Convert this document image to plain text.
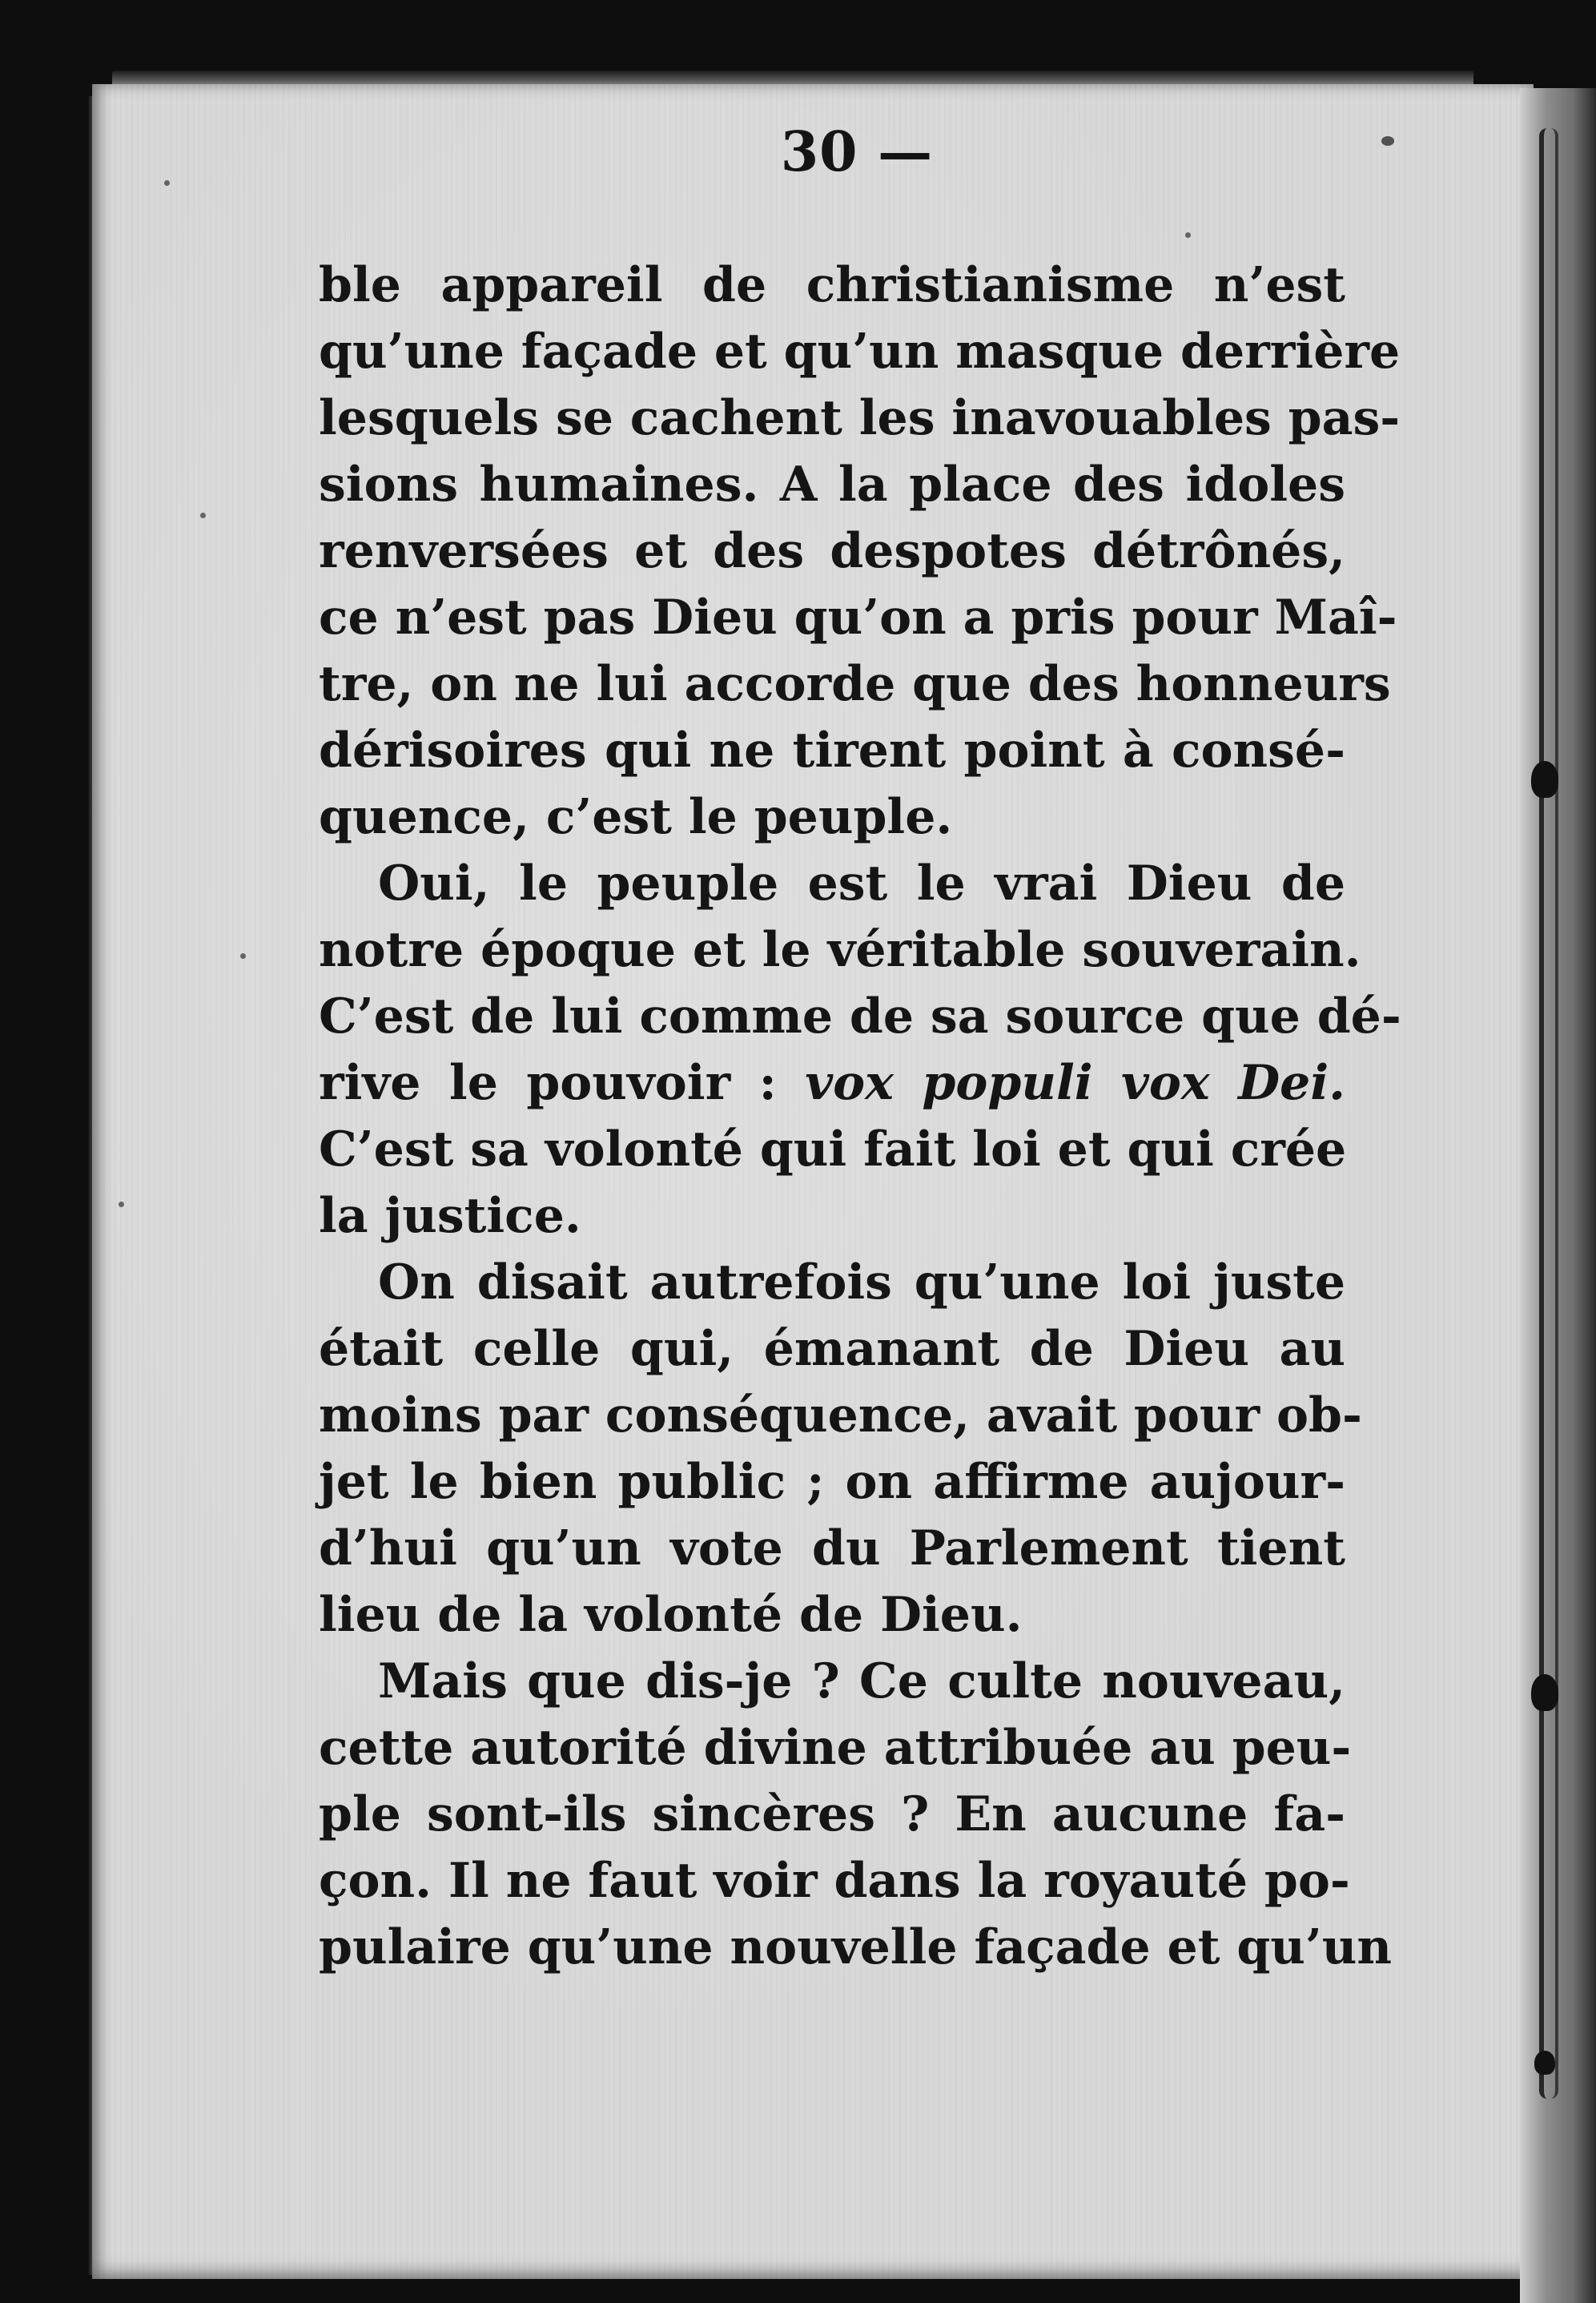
30 —
ble appareil de christianisme n’est
qu’une façade et qu’un masque derrière
lesquels se cachent les inavouables pas-
sions humaines. A la place des idoles
renversées et des despotes détrônés,
ce n’est pas Dieu qu’on a pris pour Maî-
tre, on ne lui accorde que des honneurs
dérisoires qui ne tirent point à consé-
quence, c’est le peuple.
Oui, le peuple est le vrai Dieu de
notre époque et le véritable souverain.
C’est de lui comme de sa source que dé-
rive le pouvoir : vox populi vox Dei.
C’est sa volonté qui fait loi et qui crée
la justice.
On disait autrefois qu’une loi juste
était celle qui, émanant de Dieu au
moins par conséquence, avait pour ob-
jet le bien public ; on affirme aujour-
d’hui qu’un vote du Parlement tient
lieu de la volonté de Dieu.
Mais que dis-je ? Ce culte nouveau,
cette autorité divine attribuée au peu-
ple sont-ils sincères ? En aucune fa-
çon. Il ne faut voir dans la royauté po-
pulaire qu’une nouvelle façade et qu’un
